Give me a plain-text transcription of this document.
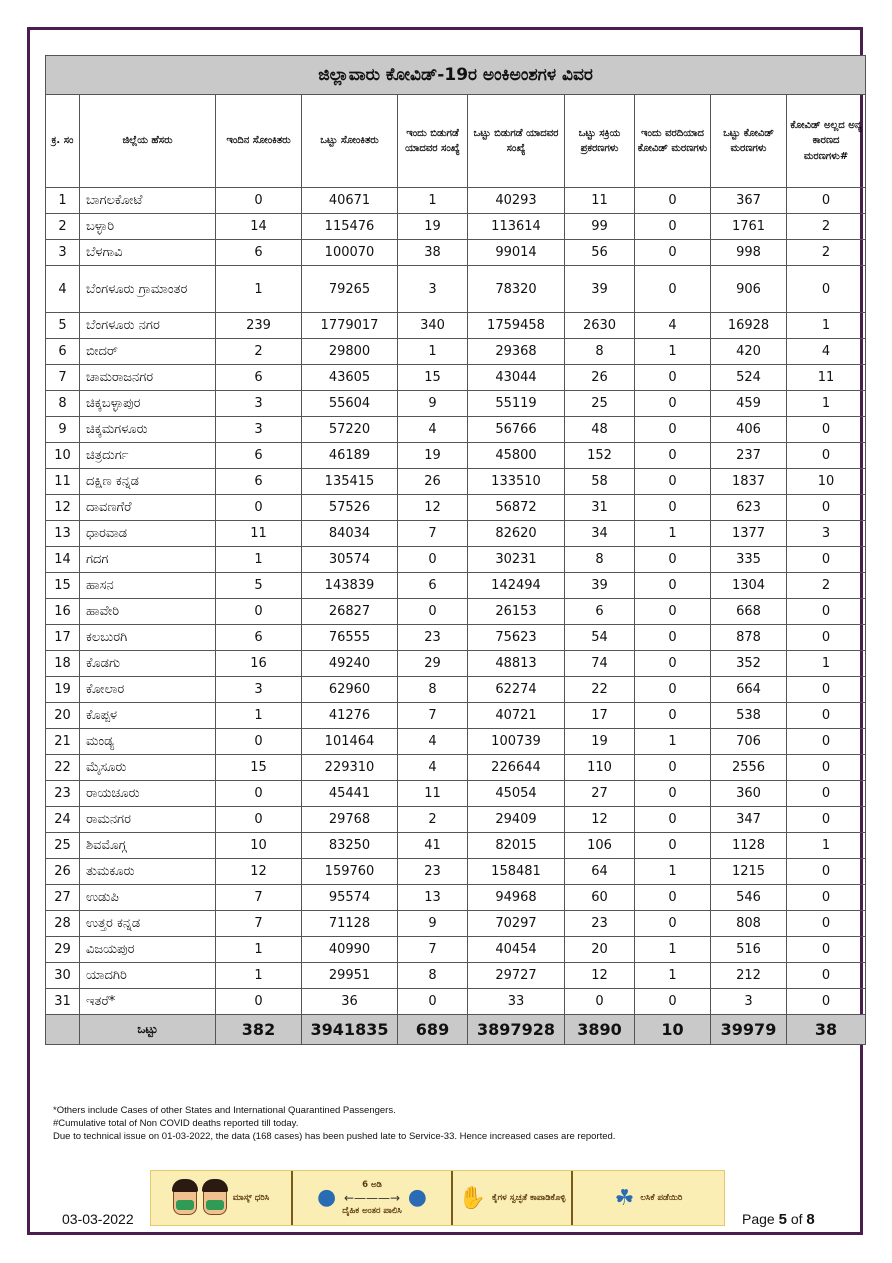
ಜಿಲ್ಲಾವಾರು ಕೋವಿಡ್-19ರ ಅಂಕಿಅಂಶಗಳ ವಿವರ									
ಕ್ರ. ಸಂ	ಜಿಲ್ಲೆಯ ಹೆಸರು	ಇಂದಿನ ಸೋಂಕಿತರು	ಒಟ್ಟು ಸೋಂಕಿತರು	ಇಂದು ಬಿಡುಗಡೆ ಯಾದವರ ಸಂಖ್ಯೆ	ಒಟ್ಟು ಬಿಡುಗಡೆ ಯಾದವರ ಸಂಖ್ಯೆ	ಒಟ್ಟು ಸಕ್ರಿಯ ಪ್ರಕರಣಗಳು	ಇಂದು ವರದಿಯಾದ ಕೋವಿಡ್ ಮರಣಗಳು	ಒಟ್ಟು ಕೋವಿಡ್ ಮರಣಗಳು	ಕೋವಿಡ್ ಅಲ್ಲದ ಅನ್ಯ ಕಾರಣದ ಮರಣಗಳು#
1	ಬಾಗಲಕೋಟೆ	0	40671	1	40293	11	0	367	0
2	ಬಳ್ಳಾರಿ	14	115476	19	113614	99	0	1761	2
3	ಬೆಳಗಾವಿ	6	100070	38	99014	56	0	998	2
4	ಬೆಂಗಳೂರು ಗ್ರಾಮಾಂತರ	1	79265	3	78320	39	0	906	0
5	ಬೆಂಗಳೂರು ನಗರ	239	1779017	340	1759458	2630	4	16928	1
6	ಬೀದರ್	2	29800	1	29368	8	1	420	4
7	ಚಾಮರಾಜನಗರ	6	43605	15	43044	26	0	524	11
8	ಚಿಕ್ಕಬಳ್ಳಾಪುರ	3	55604	9	55119	25	0	459	1
9	ಚಿಕ್ಕಮಗಳೂರು	3	57220	4	56766	48	0	406	0
10	ಚಿತ್ರದುರ್ಗ	6	46189	19	45800	152	0	237	0
11	ದಕ್ಷಿಣ ಕನ್ನಡ	6	135415	26	133510	58	0	1837	10
12	ದಾವಣಗೆರೆ	0	57526	12	56872	31	0	623	0
13	ಧಾರವಾಡ	11	84034	7	82620	34	1	1377	3
14	ಗದಗ	1	30574	0	30231	8	0	335	0
15	ಹಾಸನ	5	143839	6	142494	39	0	1304	2
16	ಹಾವೇರಿ	0	26827	0	26153	6	0	668	0
17	ಕಲಬುರಗಿ	6	76555	23	75623	54	0	878	0
18	ಕೊಡಗು	16	49240	29	48813	74	0	352	1
19	ಕೋಲಾರ	3	62960	8	62274	22	0	664	0
20	ಕೊಪ್ಪಳ	1	41276	7	40721	17	0	538	0
21	ಮಂಡ್ಯ	0	101464	4	100739	19	1	706	0
22	ಮೈಸೂರು	15	229310	4	226644	110	0	2556	0
23	ರಾಯಚೂರು	0	45441	11	45054	27	0	360	0
24	ರಾಮನಗರ	0	29768	2	29409	12	0	347	0
25	ಶಿವಮೊಗ್ಗ	10	83250	41	82015	106	0	1128	1
26	ತುಮಕೂರು	12	159760	23	158481	64	1	1215	0
27	ಉಡುಪಿ	7	95574	13	94968	60	0	546	0
28	ಉತ್ತರ ಕನ್ನಡ	7	71128	9	70297	23	0	808	0
29	ವಿಜಯಪುರ	1	40990	7	40454	20	1	516	0
30	ಯಾದಗಿರಿ	1	29951	8	29727	12	1	212	0
31	ಇತರೆ*	0	36	0	33	0	0	3	0
	ಒಟ್ಟು	382	3941835	689	3897928	3890	10	39979	38
*Others include Cases of other States and International Quarantined Passengers.
#Cumulative total of Non COVID deaths reported till today.
Due to technical issue on 01-03-2022, the data (168 cases) has been pushed late to Service-33. Hence increased cases are reported.
ಮಾಸ್ಕ್ ಧರಿಸಿ ●	6 ಅಡಿ
←———→
ದೈಹಿಕ ಅಂತರ ಪಾಲಿಸಿ
● ✋ ಕೈಗಳ ಸ್ವಚ್ಛತೆ ಕಾಪಾಡಿಕೊಳ್ಳಿ ☘ ಲಸಿಕೆ ಪಡೆಯಿರಿ
03-03-2022	Page 5 of 8
